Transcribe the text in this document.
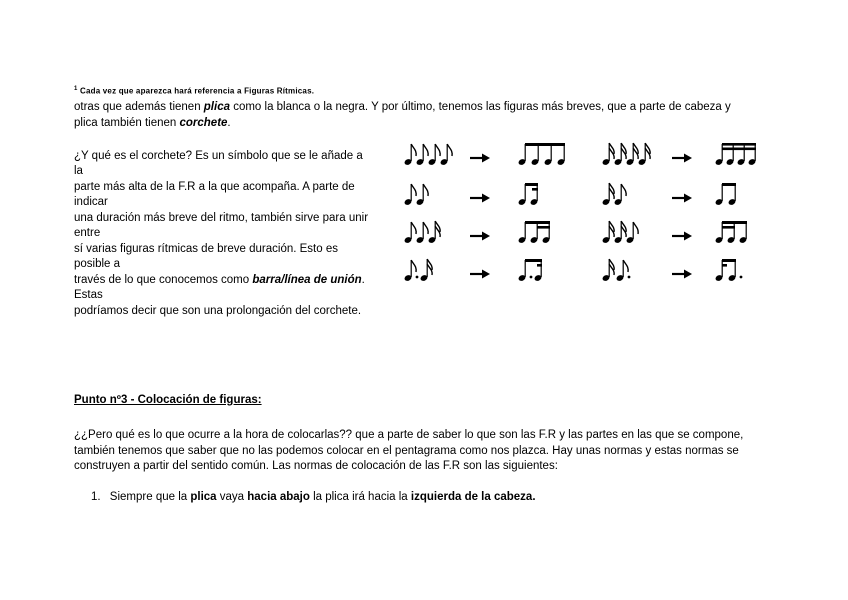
$^1$ Cada vez que aparezca hará referencia a Figuras Rítmicas.
otras que además tienen plica como la blanca o la negra. Y por último, tenemos las figuras más breves, que a parte de cabeza y
plica también tienen corchete.
¿Y qué es el corchete? Es un símbolo que se le añade a
la
parte más alta de la F.R a la que acompaña. A parte de
indicar
una duración más breve del ritmo, también sirve para unir
entre
sí varias figuras rítmicas de breve duración. Esto es
posible a
través de lo que conocemos como barra/línea de unión.
Estas
podríamos decir que son una prolongación del corchete.
Punto nº3 - Colocación de figuras:
¿¿Pero qué es lo que ocurre a la hora de colocarlas?? que a parte de saber lo que son las F.R y las partes en las que se compone, también tenemos que saber que no las podemos colocar en el pentagrama como nos plazca. Hay unas normas y estas normas se construyen a partir del sentido común. Las normas de colocación de las F.R son las siguientes:
1. Siempre que la plica vaya hacia abajo la plica irá hacia la izquierda de la cabeza.
